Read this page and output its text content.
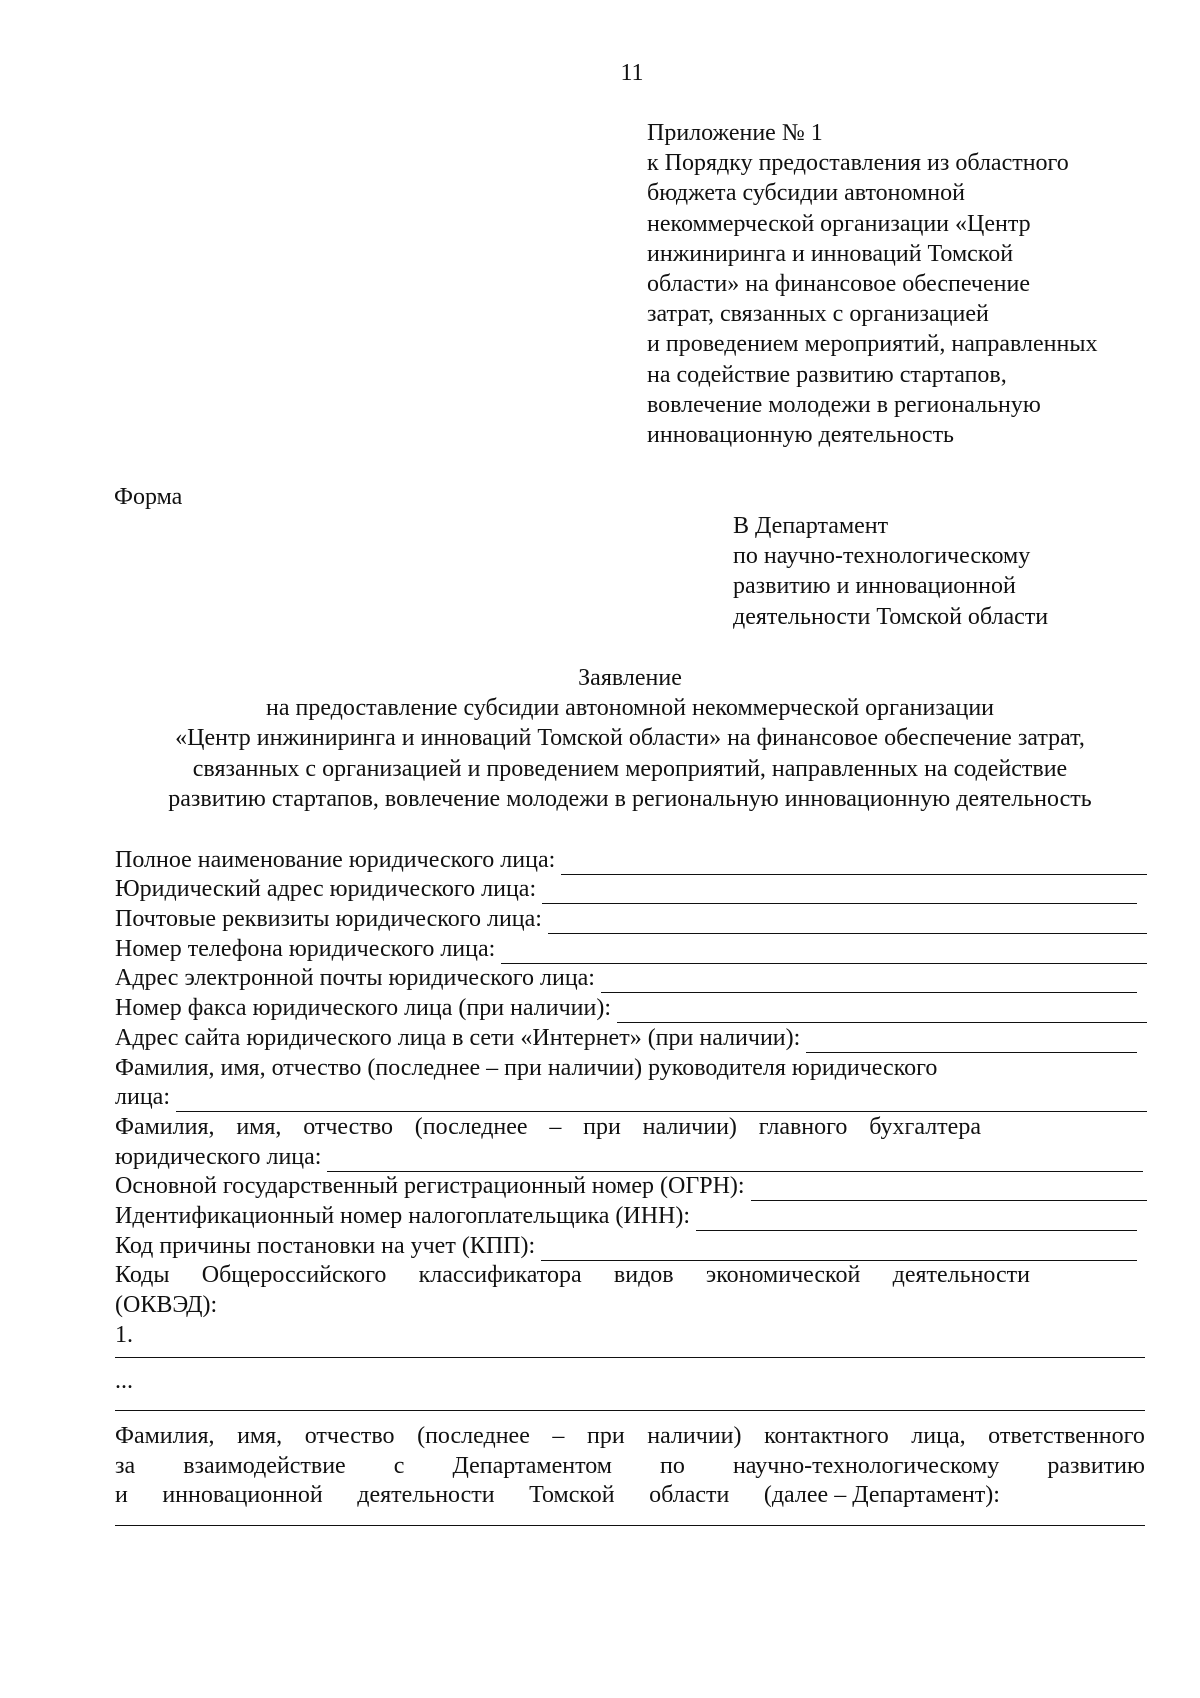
11
Приложение № 1
к Порядку предоставления из областного
бюджета субсидии автономной
некоммерческой организации «Центр
инжиниринга и инноваций Томской
области» на финансовое обеспечение
затрат, связанных с организацией
и проведением мероприятий, направленных
на содействие развитию стартапов,
вовлечение молодежи в региональную
инновационную деятельность
Форма
В Департамент
по научно-технологическому
развитию и инновационной
деятельности Томской области
Заявление
на предоставление субсидии автономной некоммерческой организации
«Центр инжиниринга и инноваций Томской области» на финансовое обеспечение затрат,
связанных с организацией и проведением мероприятий, направленных на содействие
развитию стартапов, вовлечение молодежи в региональную инновационную деятельность
Полное наименование юридического лица:
Юридический адрес юридического лица:
Почтовые реквизиты юридического лица:
Номер телефона юридического лица:
Адрес электронной почты юридического лица:
Номер факса юридического лица (при наличии):
Адрес сайта юридического лица в сети «Интернет» (при наличии):
Фамилия, имя, отчество (последнее – при наличии) руководителя юридического
лица:
Фамилия, имя, отчество (последнее – при наличии) главного бухгалтера
юридического лица:
Основной государственный регистрационный номер (ОГРН):
Идентификационный номер налогоплательщика (ИНН):
Код причины постановки на учет (КПП):
Коды Общероссийского классификатора видов экономической деятельности
(ОКВЭД):
1.
...
Фамилия, имя, отчество (последнее – при наличии) контактного лица, ответственного
за взаимодействие с Департаментом по научно-технологическому развитию
и инновационной деятельности Томской области (далее – Департамент):
